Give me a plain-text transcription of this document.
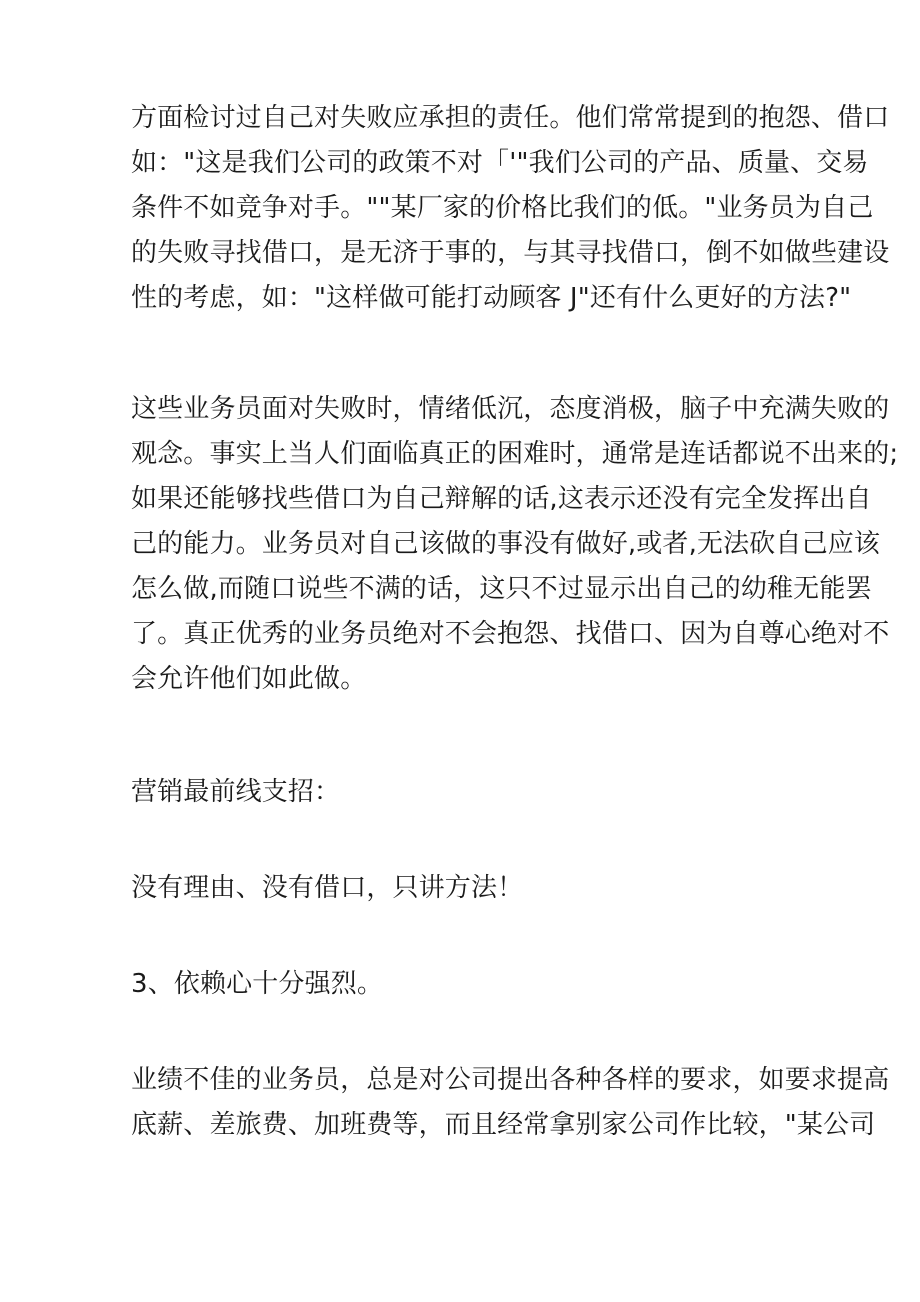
方面检讨过自己对失败应承担的责任。他们常常提到的抱怨、借口
如："这是我们公司的政策不对「'"我们公司的产品、质量、交易
条件不如竞争对手。""某厂家的价格比我们的低。"业务员为自己
的失败寻找借口，是无济于事的，与其寻找借口，倒不如做些建设
性的考虑，如："这样做可能打动顾客 J"还有什么更好的方法?"
这些业务员面对失败时，情绪低沉，态度消极，脑子中充满失败的
观念。事实上当人们面临真正的困难时，通常是连话都说不出来的;
如果还能够找些借口为自己辩解的话,这表示还没有完全发挥出自
己的能力。业务员对自己该做的事没有做好,或者,无法砍自己应该
怎么做,而随口说些不满的话，这只不过显示出自己的幼稚无能罢
了。真正优秀的业务员绝对不会抱怨、找借口、因为自尊心绝对不
会允许他们如此做。
营销最前线支招：
没有理由、没有借口，只讲方法！
3、依赖心十分强烈。
业绩不佳的业务员，总是对公司提出各种各样的要求，如要求提高
底薪、差旅费、加班费等，而且经常拿别家公司作比较，"某公司
